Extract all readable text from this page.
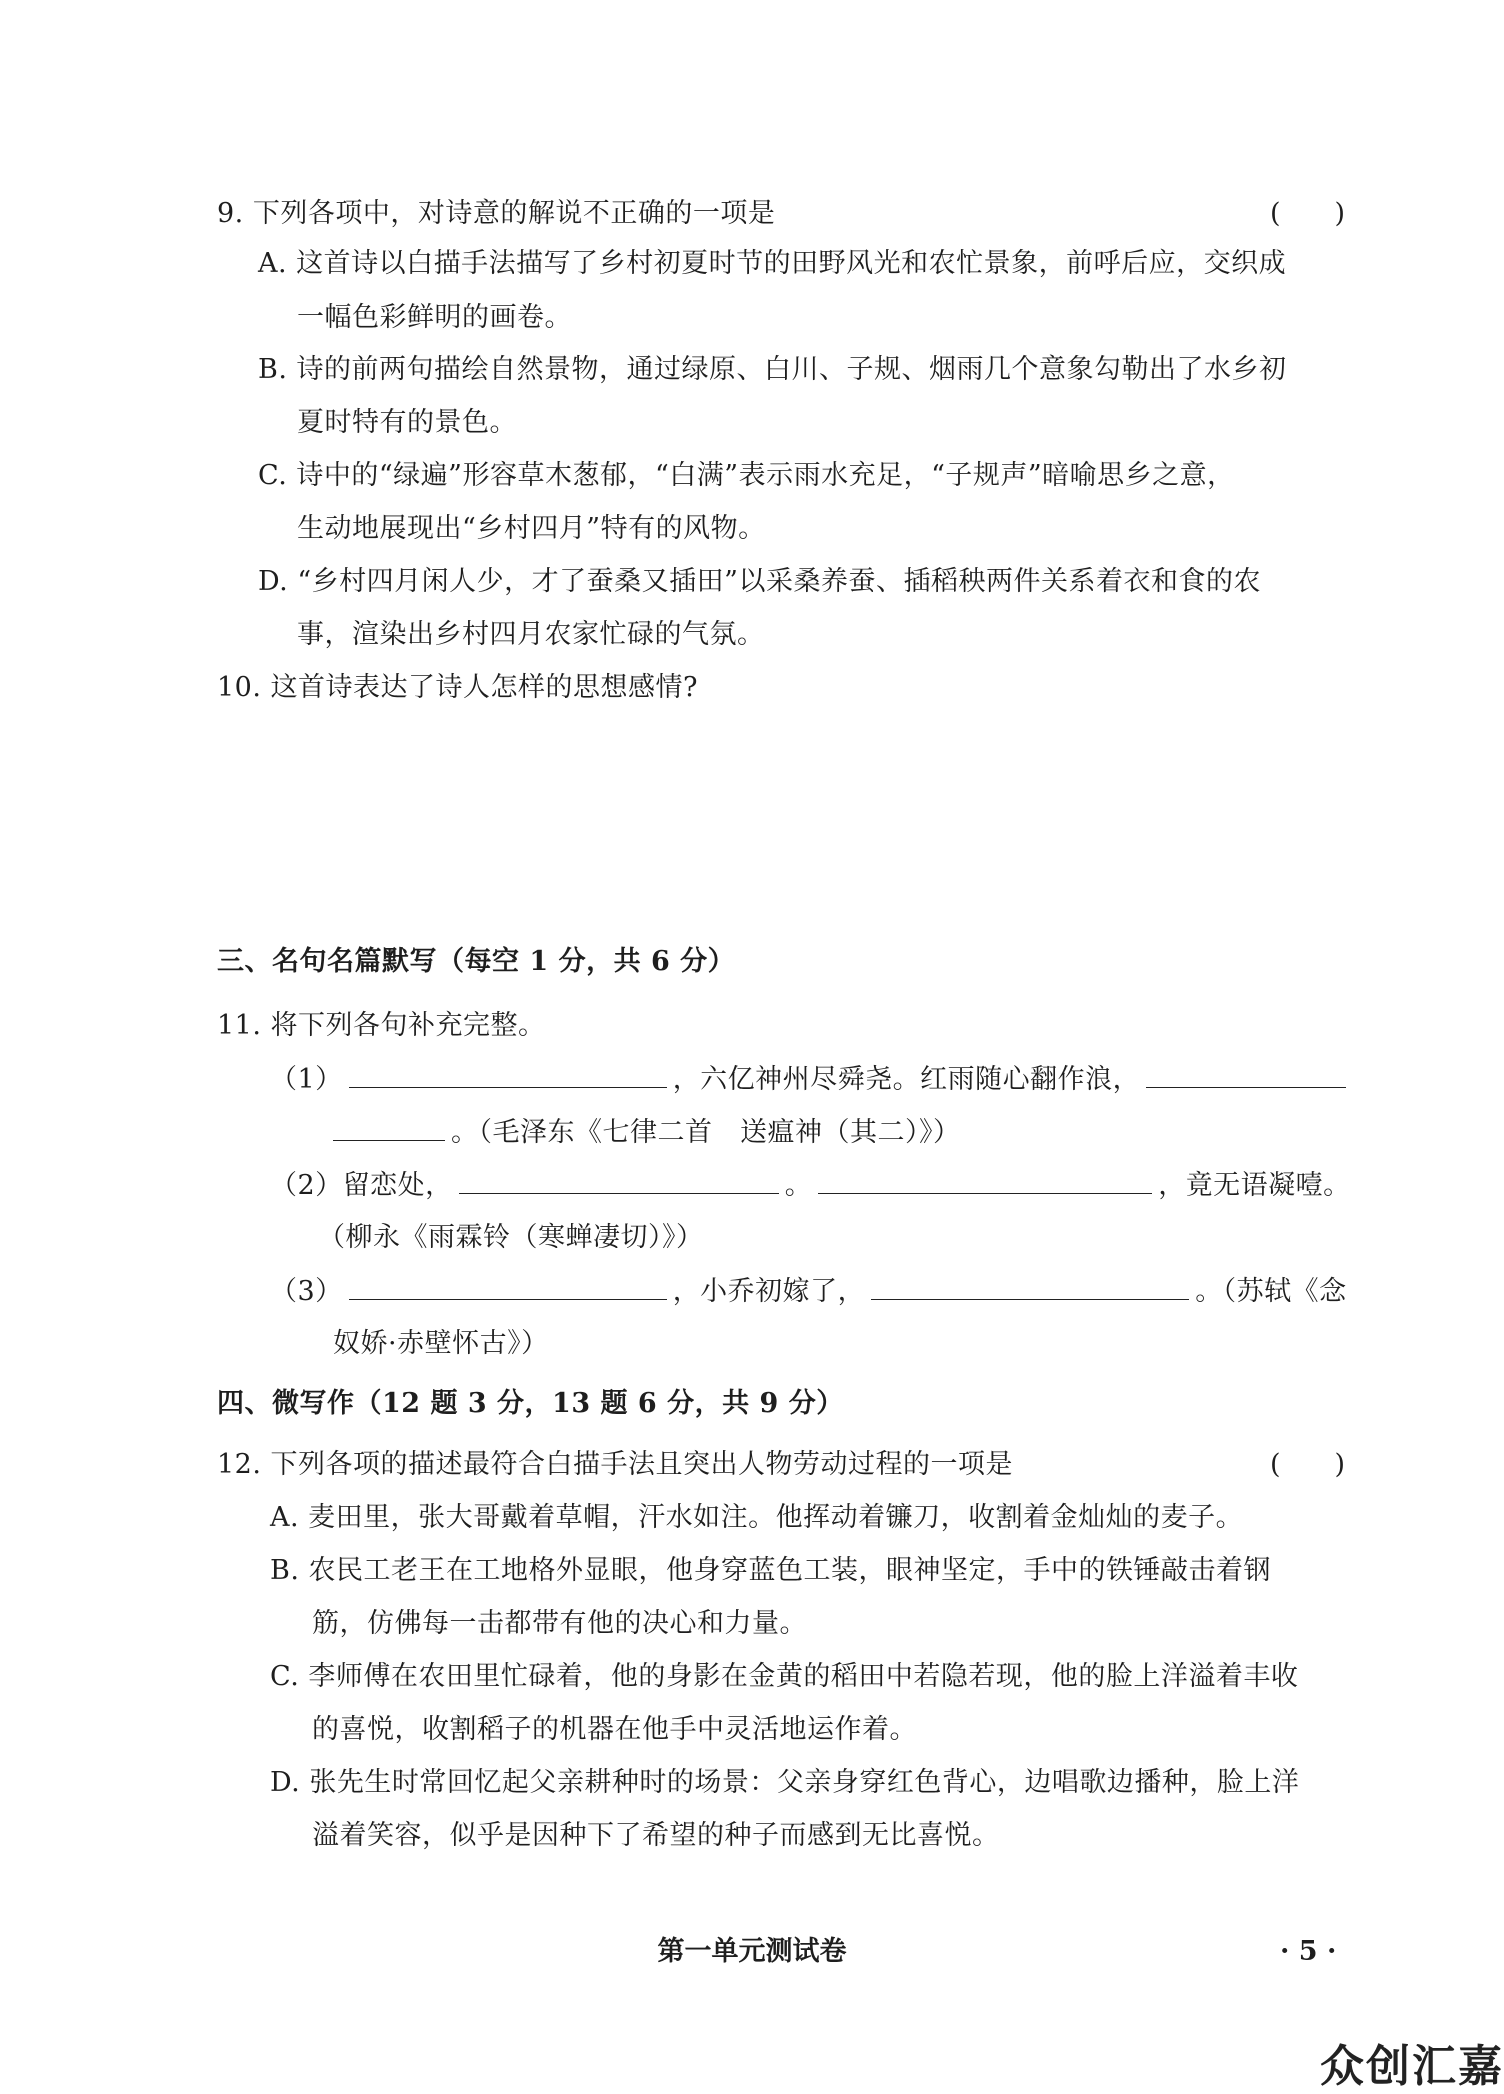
9. 下列各项中，对诗意的解说不正确的一项是	(　　)
A. 这首诗以白描手法描写了乡村初夏时节的田野风光和农忙景象，前呼后应，交织成
一幅色彩鲜明的画卷。
B. 诗的前两句描绘自然景物，通过绿原、白川、子规、烟雨几个意象勾勒出了水乡初
夏时特有的景色。
C. 诗中的“绿遍”形容草木葱郁，“白满”表示雨水充足，“子规声”暗喻思乡之意，
生动地展现出“乡村四月”特有的风物。
D. “乡村四月闲人少，才了蚕桑又插田”以采桑养蚕、插稻秧两件关系着衣和食的农
事，渲染出乡村四月农家忙碌的气氛。
10. 这首诗表达了诗人怎样的思想感情?
三、名句名篇默写（每空 1 分，共 6 分）
11. 将下列各句补充完整。
（1）	，六亿神州尽舜尧。红雨随心翻作浪，
。（毛泽东《七律二首　送瘟神（其二）》）
（2）留恋处，	。	，竟无语凝噎。
（柳永《雨霖铃（寒蝉凄切）》）
（3）	，小乔初嫁了，	。（苏轼《念
奴娇·赤壁怀古》）
四、微写作（12 题 3 分，13 题 6 分，共 9 分）
12. 下列各项的描述最符合白描手法且突出人物劳动过程的一项是	(　　)
A. 麦田里，张大哥戴着草帽，汗水如注。他挥动着镰刀，收割着金灿灿的麦子。
B. 农民工老王在工地格外显眼，他身穿蓝色工装，眼神坚定，手中的铁锤敲击着钢
筋，仿佛每一击都带有他的决心和力量。
C. 李师傅在农田里忙碌着，他的身影在金黄的稻田中若隐若现，他的脸上洋溢着丰收
的喜悦，收割稻子的机器在他手中灵活地运作着。
D. 张先生时常回忆起父亲耕种时的场景：父亲身穿红色背心，边唱歌边播种，脸上洋
溢着笑容，似乎是因种下了希望的种子而感到无比喜悦。
第一单元测试卷	· 5 ·
众创汇嘉
